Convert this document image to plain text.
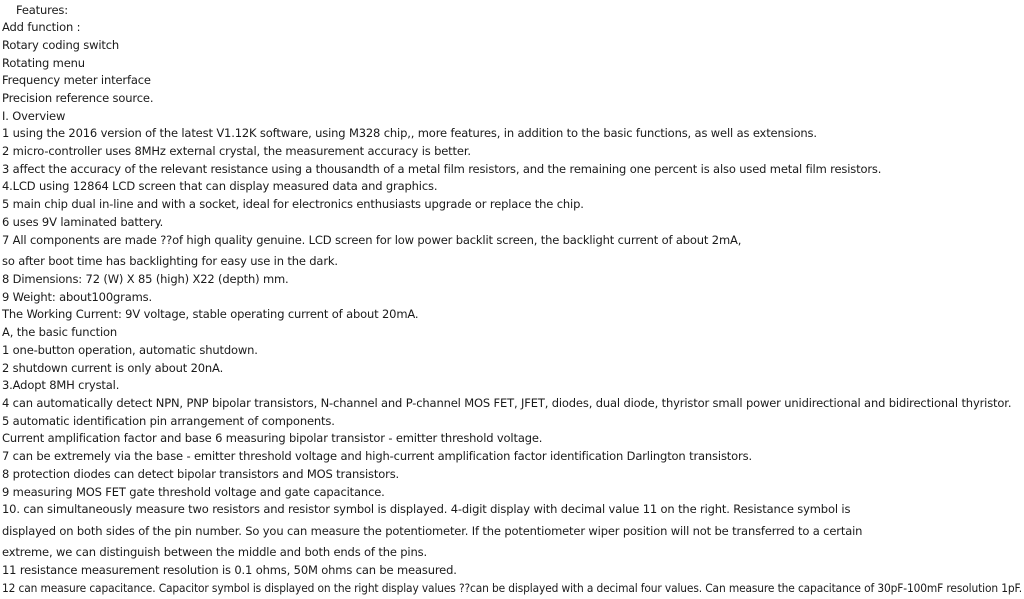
Features:
Add function :
Rotary coding switch
Rotating menu
Frequency meter interface
Precision reference source.
I. Overview
1 using the 2016 version of the latest V1.12K software, using M328 chip,, more features, in addition to the basic functions, as well as extensions.
2 micro-controller uses 8MHz external crystal, the measurement accuracy is better.
3 affect the accuracy of the relevant resistance using a thousandth of a metal film resistors, and the remaining one percent is also used metal film resistors.
4.LCD using 12864 LCD screen that can display measured data and graphics.
5 main chip dual in-line and with a socket, ideal for electronics enthusiasts upgrade or replace the chip.
6 uses 9V laminated battery.
7 All components are made ??of high quality genuine. LCD screen for low power backlit screen, the backlight current of about 2mA,
so after boot time has backlighting for easy use in the dark.
8 Dimensions: 72 (W) X 85 (high) X22 (depth) mm.
9 Weight: about100grams.
The Working Current: 9V voltage, stable operating current of about 20mA.
A, the basic function
1 one-button operation, automatic shutdown.
2 shutdown current is only about 20nA.
3.Adopt 8MH crystal.
4 can automatically detect NPN, PNP bipolar transistors, N-channel and P-channel MOS FET, JFET, diodes, dual diode, thyristor small power unidirectional and bidirectional thyristor.
5 automatic identification pin arrangement of components.
Current amplification factor and base 6 measuring bipolar transistor - emitter threshold voltage.
7 can be extremely via the base - emitter threshold voltage and high-current amplification factor identification Darlington transistors.
8 protection diodes can detect bipolar transistors and MOS transistors.
9 measuring MOS FET gate threshold voltage and gate capacitance.
10. can simultaneously measure two resistors and resistor symbol is displayed. 4-digit display with decimal value 11 on the right. Resistance symbol is
displayed on both sides of the pin number. So you can measure the potentiometer. If the potentiometer wiper position will not be transferred to a certain
extreme, we can distinguish between the middle and both ends of the pins.
11 resistance measurement resolution is 0.1 ohms, 50M ohms can be measured.
12 can measure capacitance. Capacitor symbol is displayed on the right display values ??can be displayed with a decimal four values. Can measure the capacitance of 30pF-100mF resolution 1pF.
